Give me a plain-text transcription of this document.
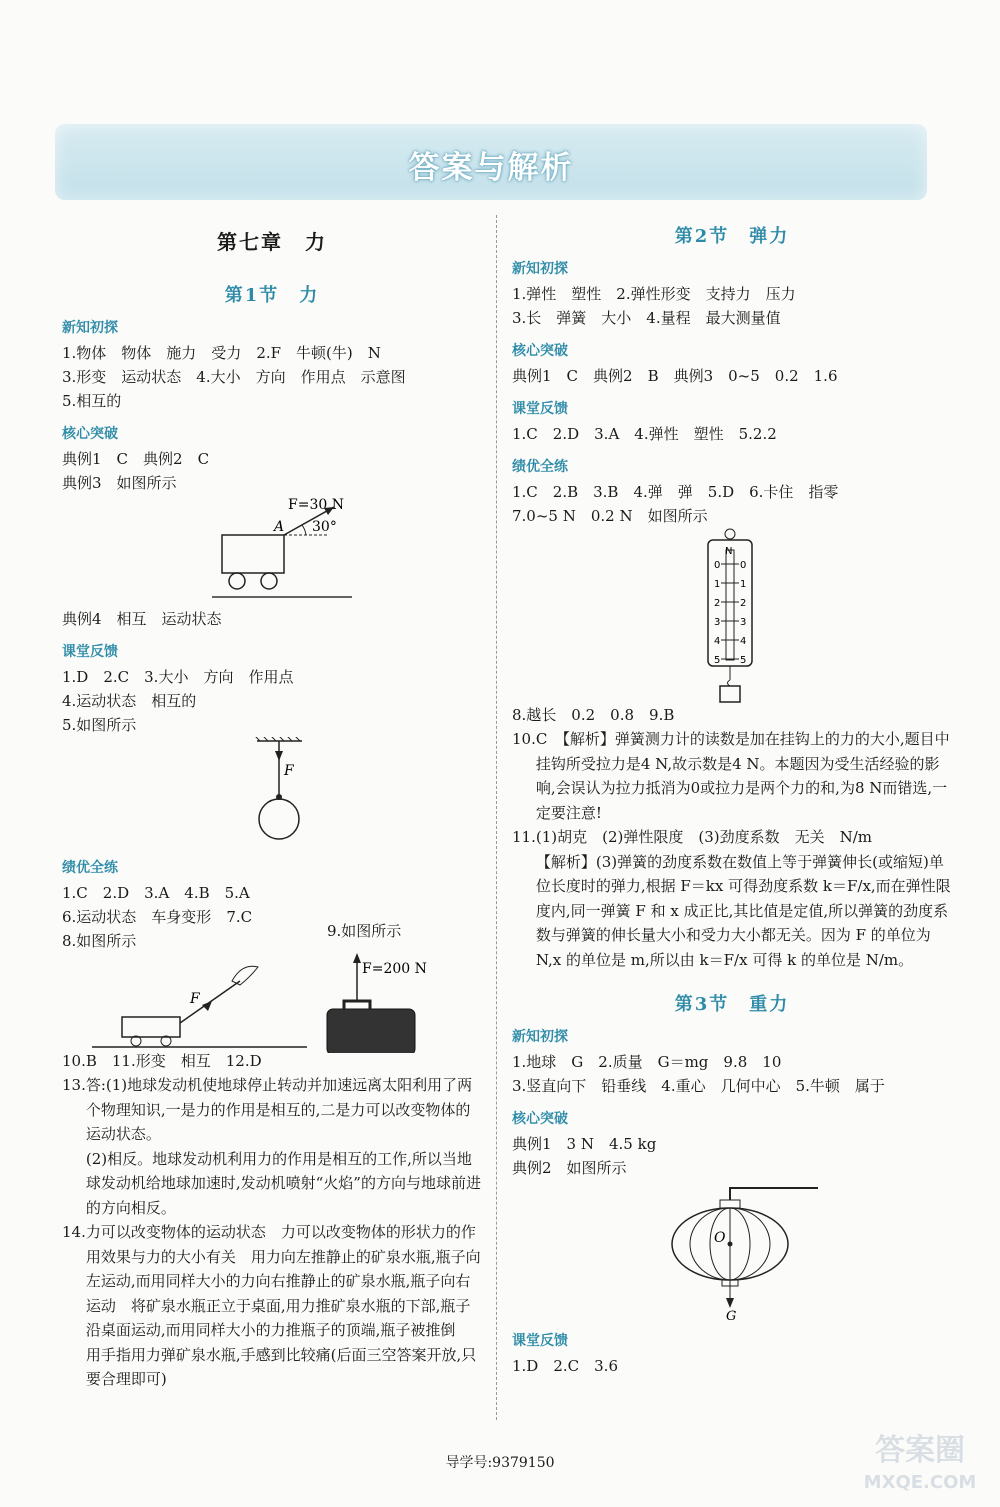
答案与解析
第七章　力
第1节　力
新知初探
1.物体　物体　施力　受力　2.F　牛顿(牛)　N
3.形变　运动状态　4.大小　方向　作用点　示意图
5.相互的
核心突破
典例1　C　典例2　C
典例3　如图所示
A 30°
F=30 N
典例4　相互　运动状态
课堂反馈
1.D　2.C　3.大小　方向　作用点
4.运动状态　相互的
5.如图所示
F
绩优全练
1.C　2.D　3.A　4.B　5.A
6.运动状态　车身变形　7.C
8.如图所示
9.如图所示
F
F=200 N
10.B　11.形变　相互　12.D
13. 答:(1)地球发动机使地球停止转动并加速远离太阳利用了两个物理知识,一是力的作用是相互的,二是力可以改变物体的运动状态。
(2)相反。地球发动机利用力的作用是相互的工作,所以当地球发动机给地球加速时,发动机喷射“火焰”的方向与地球前进的方向相反。
14. 力可以改变物体的运动状态　力可以改变物体的形状力的作用效果与力的大小有关　用力向左推静止的矿泉水瓶,瓶子向左运动,而用同样大小的力向右推静止的矿泉水瓶,瓶子向右运动　将矿泉水瓶正立于桌面,用力推矿泉水瓶的下部,瓶子沿桌面运动,而用同样大小的力推瓶子的顶端,瓶子被推倒　用手指用力弹矿泉水瓶,手感到比较痛(后面三空答案开放,只要合理即可)
第2节　弹力
新知初探
1.弹性　塑性　2.弹性形变　支持力　压力
3.长　弹簧　大小　4.量程　最大测量值
核心突破
典例1　C　典例2　B　典例3　0~5　0.2　1.6
课堂反馈
1.C　2.D　3.A　4.弹性　塑性　5.2.2
绩优全练
1.C　2.B　3.B　4.弹　弹　5.D　6.卡住　指零
7.0~5 N　0.2 N　如图所示
N
0 0
1 1
2 2
3 3
4 4
5 5
8.越长　0.2　0.8　9.B
10. C　【解析】弹簧测力计的读数是加在挂钩上的力的大小,题目中挂钩所受拉力是4 N,故示数是4 N。本题因为受生活经验的影响,会误认为拉力抵消为0或拉力是两个力的和,为8 N而错选,一定要注意!
11. (1)胡克　(2)弹性限度　(3)劲度系数　无关　N/m
【解析】(3)弹簧的劲度系数在数值上等于弹簧伸长(或缩短)单位长度时的弹力,根据 F＝kx 可得劲度系数 k＝F/x,而在弹性限度内,同一弹簧 F 和 x 成正比,其比值是定值,所以弹簧的劲度系数与弹簧的伸长量大小和受力大小都无关。因为 F 的单位为 N,x 的单位是 m,所以由 k＝F/x 可得 k 的单位是 N/m。
第3节　重力
新知初探
1.地球　G　2.质量　G＝mg　9.8　10
3.竖直向下　铅垂线　4.重心　几何中心　5.牛顿　属于
核心突破
典例1　3 N　4.5 kg
典例2　如图所示
O
G
课堂反馈
1.D　2.C　3.6
导学号:9379150	答案圈
MXQE.COM
